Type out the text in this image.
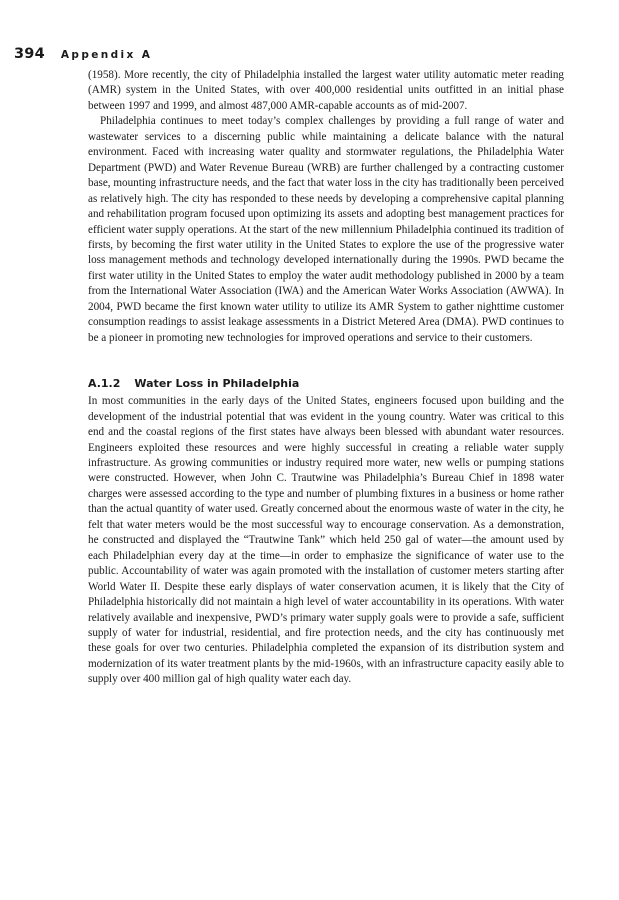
394 Appendix A

(1958). More recently, the city of Philadelphia installed the largest water utility automatic meter reading (AMR) system in the United States, with over 400,000 residential units outfitted in an initial phase between 1997 and 1999, and almost 487,000 AMR-capable accounts as of mid-2007.

Philadelphia continues to meet today’s complex challenges by providing a full range of water and wastewater services to a discerning public while maintaining a delicate balance with the natural environment. Faced with increasing water quality and stormwater regulations, the Philadelphia Water Department (PWD) and Water Revenue Bureau (WRB) are further challenged by a contracting customer base, mounting infrastructure needs, and the fact that water loss in the city has traditionally been perceived as relatively high. The city has responded to these needs by developing a comprehensive capital planning and rehabilitation program focused upon optimizing its assets and adopting best management practices for efficient water supply operations. At the start of the new millennium Philadelphia continued its tradition of firsts, by becoming the first water utility in the United States to explore the use of the progressive water loss management methods and technology developed internationally during the 1990s. PWD became the first water utility in the United States to employ the water audit methodology published in 2000 by a team from the International Water Association (IWA) and the American Water Works Association (AWWA). In 2004, PWD became the first known water utility to utilize its AMR System to gather nighttime customer consumption readings to assist leakage assessments in a District Metered Area (DMA). PWD continues to be a pioneer in promoting new technologies for improved operations and service to their customers.

A.1.2 Water Loss in Philadelphia

In most communities in the early days of the United States, engineers focused upon building and the development of the industrial potential that was evident in the young country. Water was critical to this end and the coastal regions of the first states have always been blessed with abundant water resources. Engineers exploited these resources and were highly successful in creating a reliable water supply infrastructure. As growing communities or industry required more water, new wells or pumping stations were constructed. However, when John C. Trautwine was Philadelphia’s Bureau Chief in 1898 water charges were assessed according to the type and number of plumbing fixtures in a business or home rather than the actual quantity of water used. Greatly concerned about the enormous waste of water in the city, he felt that water meters would be the most successful way to encourage conservation. As a demonstration, he constructed and displayed the “Trautwine Tank” which held 250 gal of water—the amount used by each Philadelphian every day at the time—in order to emphasize the significance of water use to the public. Accountability of water was again promoted with the installation of customer meters starting after World Water II. Despite these early displays of water conservation acumen, it is likely that the City of Philadelphia historically did not maintain a high level of water accountability in its operations. With water relatively available and inexpensive, PWD’s primary water supply goals were to provide a safe, sufficient supply of water for industrial, residential, and fire protection needs, and the city has continuously met these goals for over two centuries. Philadelphia completed the expansion of its distribution system and modernization of its water treatment plants by the mid-1960s, with an infrastructure capacity easily able to supply over 400 million gal of high quality water each day.
